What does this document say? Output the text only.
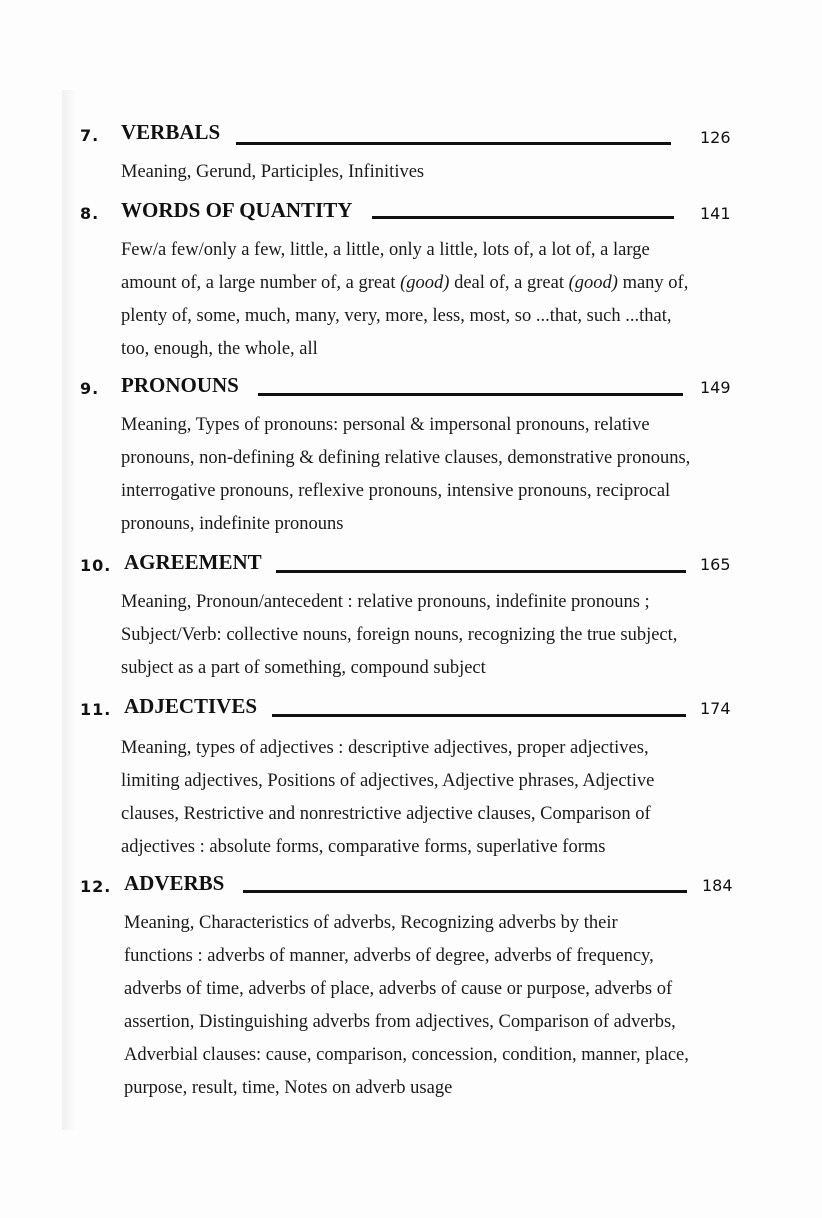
7. VERBALS	126

Meaning, Gerund, Participles, Infinitives

8. WORDS OF QUANTITY	141

Few/a few/only a few, little, a little, only a little, lots of, a lot of, a large
amount of, a large number of, a great (good) deal of, a great (good) many of,
plenty of, some, much, many, very, more, less, most, so ...that, such ...that,
too, enough, the whole, all

9. PRONOUNS	149

Meaning, Types of pronouns: personal & impersonal pronouns, relative
pronouns, non-defining & defining relative clauses, demonstrative pronouns,
interrogative pronouns, reflexive pronouns, intensive pronouns, reciprocal
pronouns, indefinite pronouns

10. AGREEMENT	165

Meaning, Pronoun/antecedent : relative pronouns, indefinite pronouns ;
Subject/Verb: collective nouns, foreign nouns, recognizing the true subject,
subject as a part of something, compound subject

11. ADJECTIVES	174

Meaning, types of adjectives : descriptive adjectives, proper adjectives,
limiting adjectives, Positions of adjectives, Adjective phrases, Adjective
clauses, Restrictive and nonrestrictive adjective clauses, Comparison of
adjectives : absolute forms, comparative forms, superlative forms

12. ADVERBS	184

Meaning, Characteristics of adverbs, Recognizing adverbs by their
functions : adverbs of manner, adverbs of degree, adverbs of frequency,
adverbs of time, adverbs of place, adverbs of cause or purpose, adverbs of
assertion, Distinguishing adverbs from adjectives, Comparison of adverbs,
Adverbial clauses: cause, comparison, concession, condition, manner, place,
purpose, result, time, Notes on adverb usage
